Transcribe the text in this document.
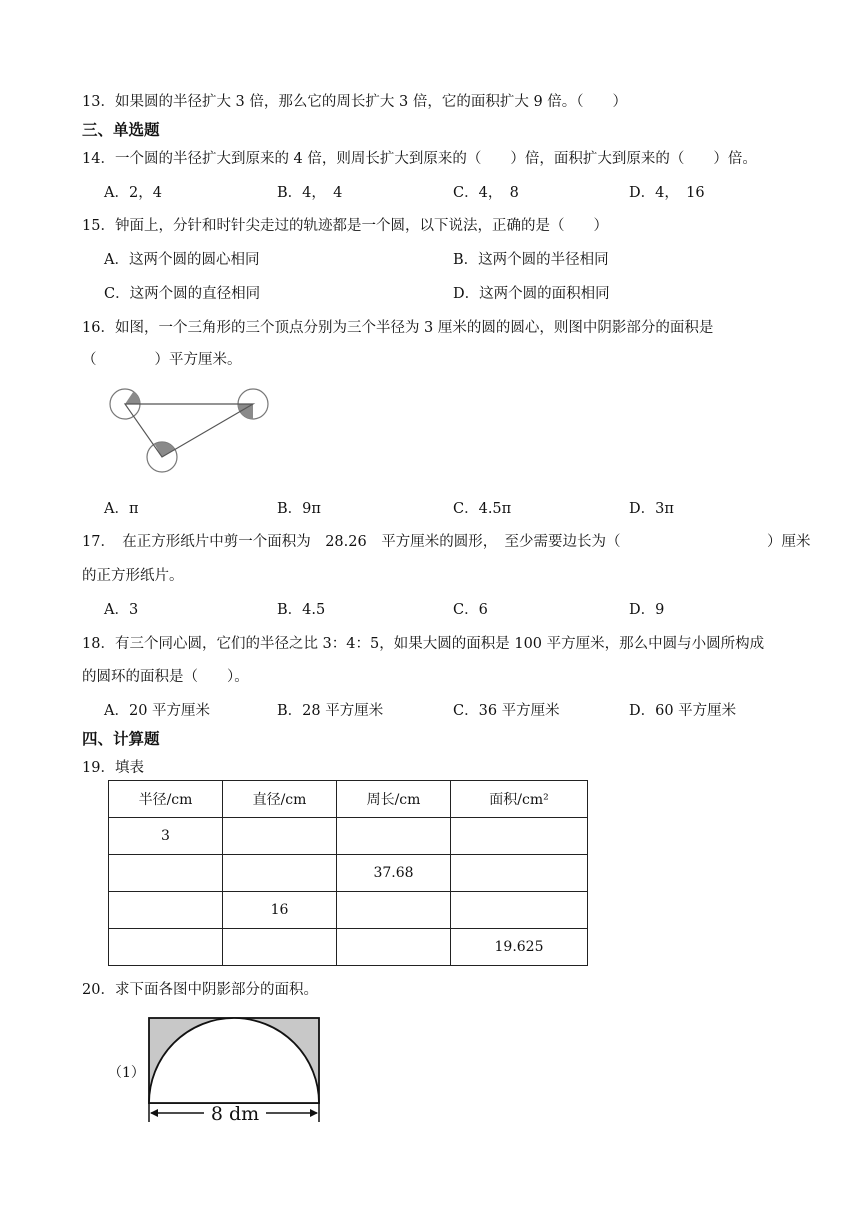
13．如果圆的半径扩大 3 倍，那么它的周长扩大 3 倍，它的面积扩大 9 倍。（　　）
三、单选题
14．一个圆的半径扩大到原来的 4 倍，则周长扩大到原来的（　　）倍，面积扩大到原来的（　　）倍。
A．2，4	B．4，　4	C．4，　8	D．4，　16
15．钟面上，分针和时针尖走过的轨迹都是一个圆，以下说法，正确的是（　　）
A．这两个圆的圆心相同	B．这两个圆的半径相同
C．这两个圆的直径相同	D．这两个圆的面积相同
16．如图，一个三角形的三个顶点分别为三个半径为 3 厘米的圆的圆心，则图中阴影部分的面积是
（　　　　）平方厘米。
A．π	B．9π	C．4.5π	D．3π
17．　在正方形纸片中剪一个面积为　28.26　平方厘米的圆形，　至少需要边长为（	）厘米
的正方形纸片。
A．3	B．4.5	C．6	D．9
18．有三个同心圆，它们的半径之比 3：4：5，如果大圆的面积是 100 平方厘米，那么中圆与小圆所构成
的圆环的面积是（　　）。
A．20 平方厘米	B．28 平方厘米	C．36 平方厘米	D．60 平方厘米
四、计算题
19．填表
半径/cm	直径/cm	周长/cm	面积/cm²
3			
		37.68	
	16		
			19.625
20．求下面各图中阴影部分的面积。
（1）
8 dm
